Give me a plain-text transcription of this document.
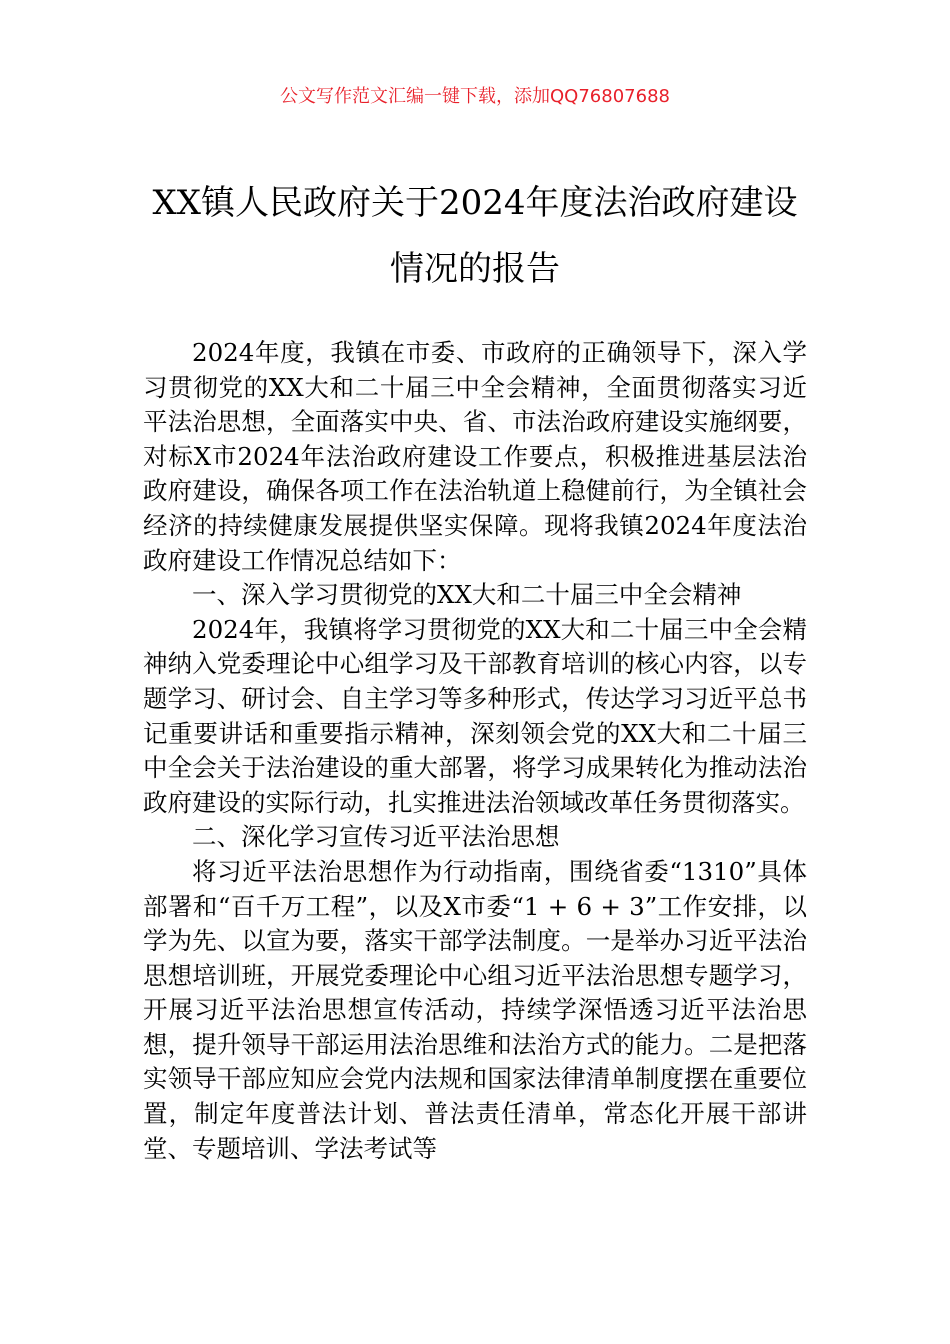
公文写作范文汇编一键下载，添加QQ76807688
XX镇人民政府关于2024年度法治政府建设情况的报告

2024年度，我镇在市委、市政府的正确领导下，深入学习贯彻党的XX大和二十届三中全会精神，全面贯彻落实习近平法治思想，全面落实中央、省、市法治政府建设实施纲要，对标X市2024年法治政府建设工作要点，积极推进基层法治政府建设，确保各项工作在法治轨道上稳健前行，为全镇社会经济的持续健康发展提供坚实保障。现将我镇2024年度法治政府建设工作情况总结如下：

一、深入学习贯彻党的XX大和二十届三中全会精神

2024年，我镇将学习贯彻党的XX大和二十届三中全会精神纳入党委理论中心组学习及干部教育培训的核心内容，以专题学习、研讨会、自主学习等多种形式，传达学习习近平总书记重要讲话和重要指示精神，深刻领会党的XX大和二十届三中全会关于法治建设的重大部署，将学习成果转化为推动法治政府建设的实际行动，扎实推进法治领域改革任务贯彻落实。

二、深化学习宣传习近平法治思想

将习近平法治思想作为行动指南，围绕省委“1310”具体部署和“百千万工程”，以及X市委“1 + 6 + 3”工作安排，以学为先、以宣为要，落实干部学法制度。一是举办习近平法治思想培训班，开展党委理论中心组习近平法治思想专题学习，开展习近平法治思想宣传活动，持续学深悟透习近平法治思想，提升领导干部运用法治思维和法治方式的能力。二是把落实领导干部应知应会党内法规和国家法律清单制度摆在重要位置，制定年度普法计划、普法责任清单，常态化开展干部讲堂、专题培训、学法考试等
